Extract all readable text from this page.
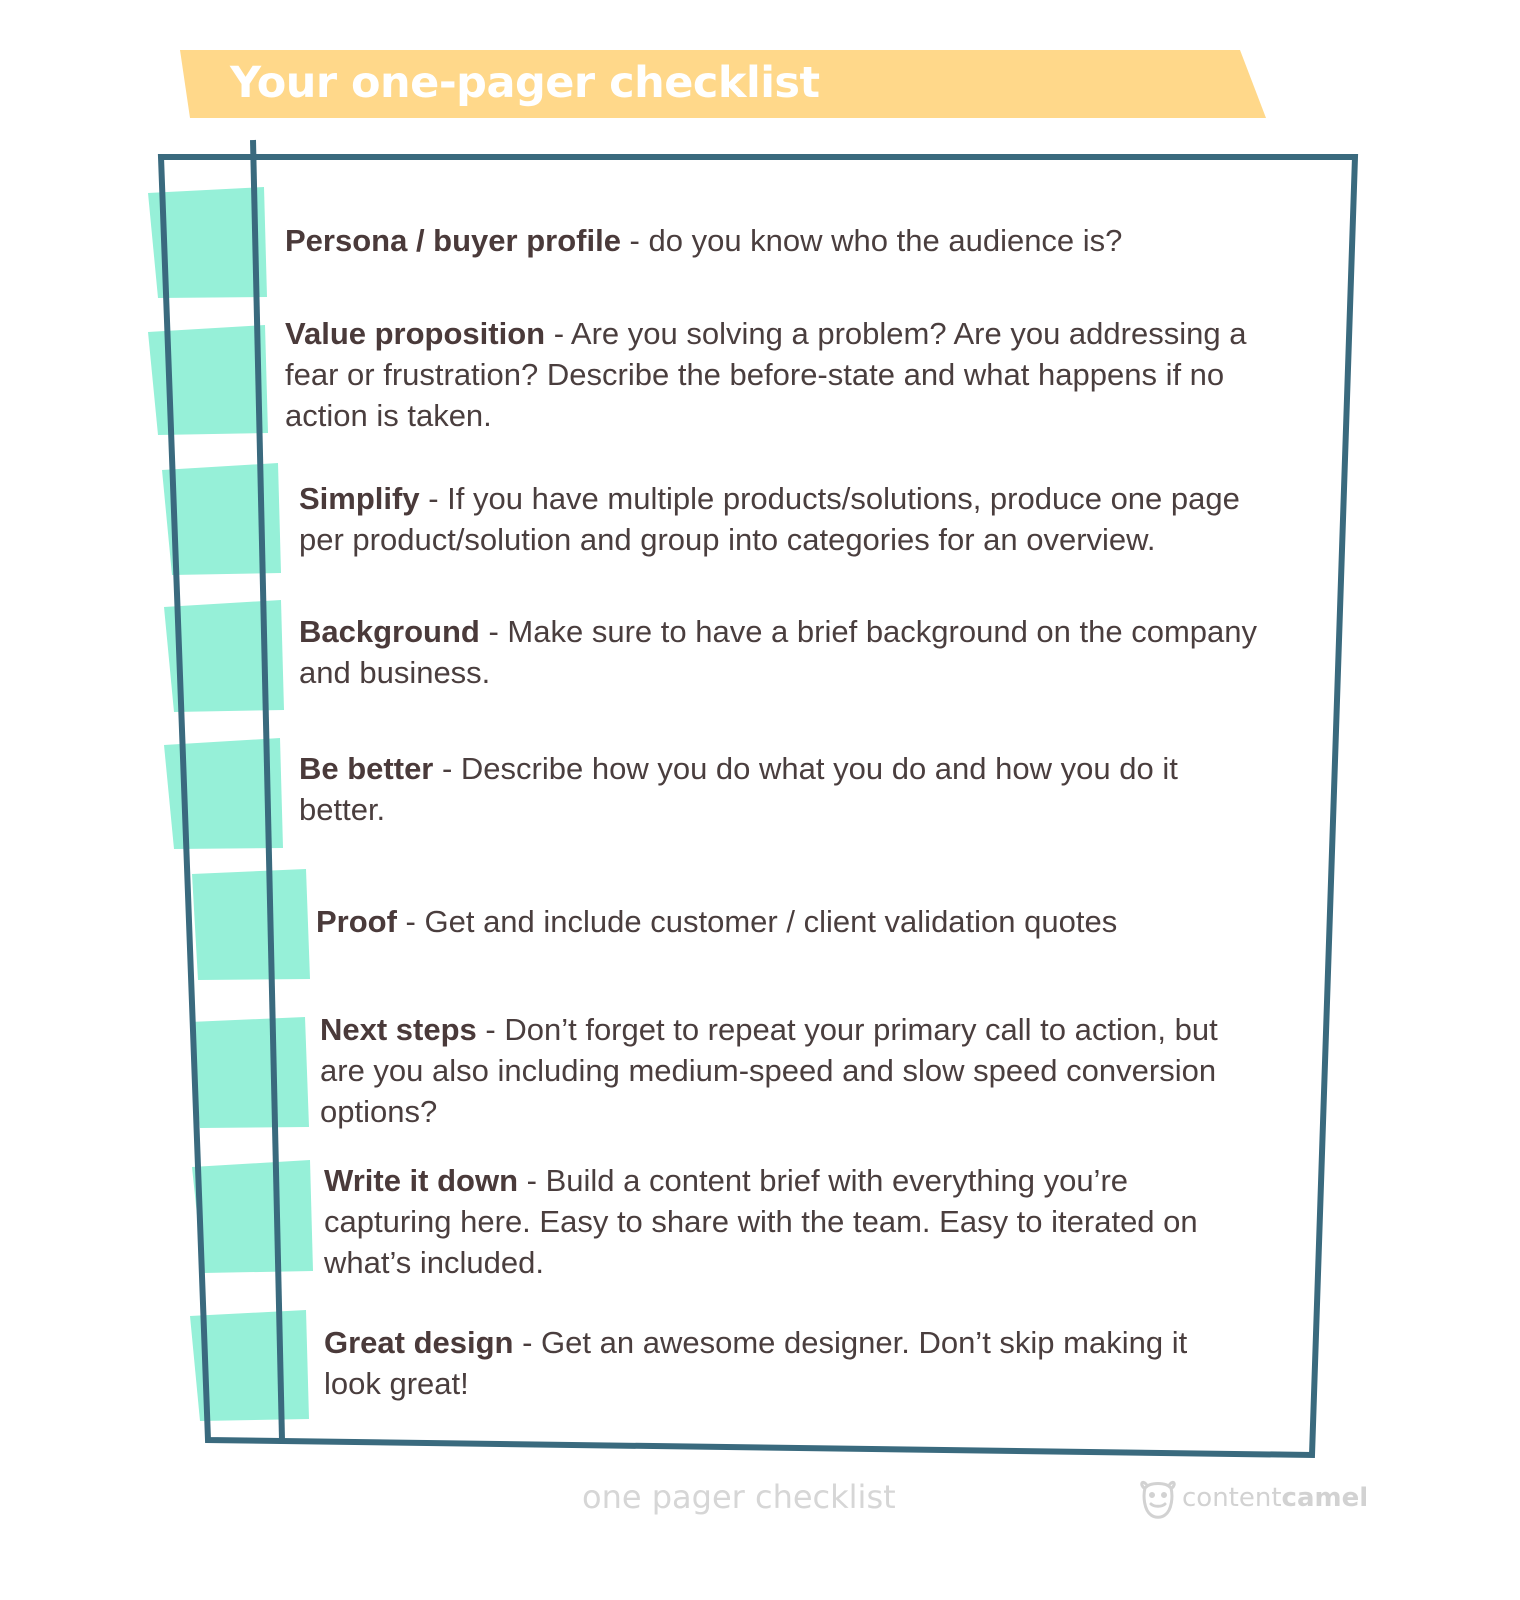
Your one-pager checklist
Persona / buyer profile - do you know who the audience is?
Value proposition - Are you solving a problem? Are you addressing a fear or frustration? Describe the before-state and what happens if no action is taken.
Simplify - If you have multiple products/solutions, produce one page per product/solution and group into categories for an overview.
Background - Make sure to have a brief background on the company and business.
Be better - Describe how you do what you do and how you do it better.
Proof - Get and include customer / client validation quotes
Next steps - Don’t forget to repeat your primary call to action, but are you also including medium-speed and slow speed conversion options?
Write it down - Build a content brief with everything you’re capturing here. Easy to share with the team. Easy to iterated on what’s included.
Great design - Get an awesome designer. Don’t skip making it look great!
one pager checklist	contentcamel
